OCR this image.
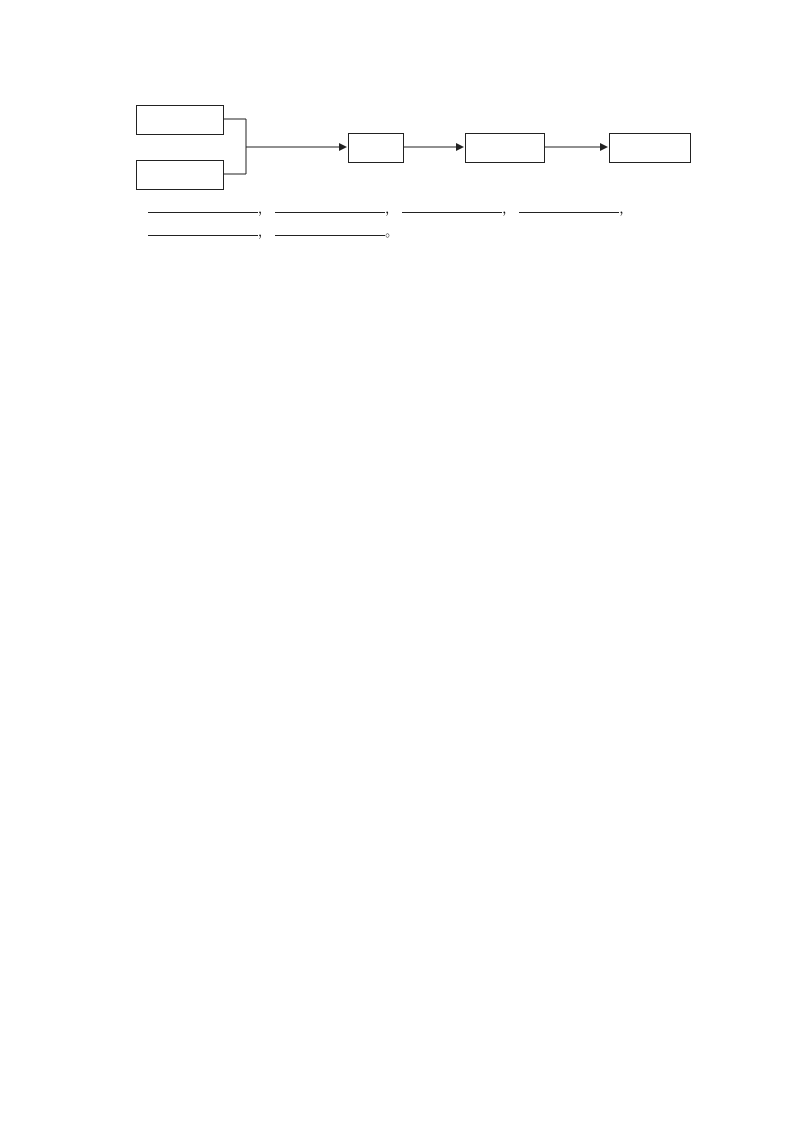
，	，	，	，
，	。
